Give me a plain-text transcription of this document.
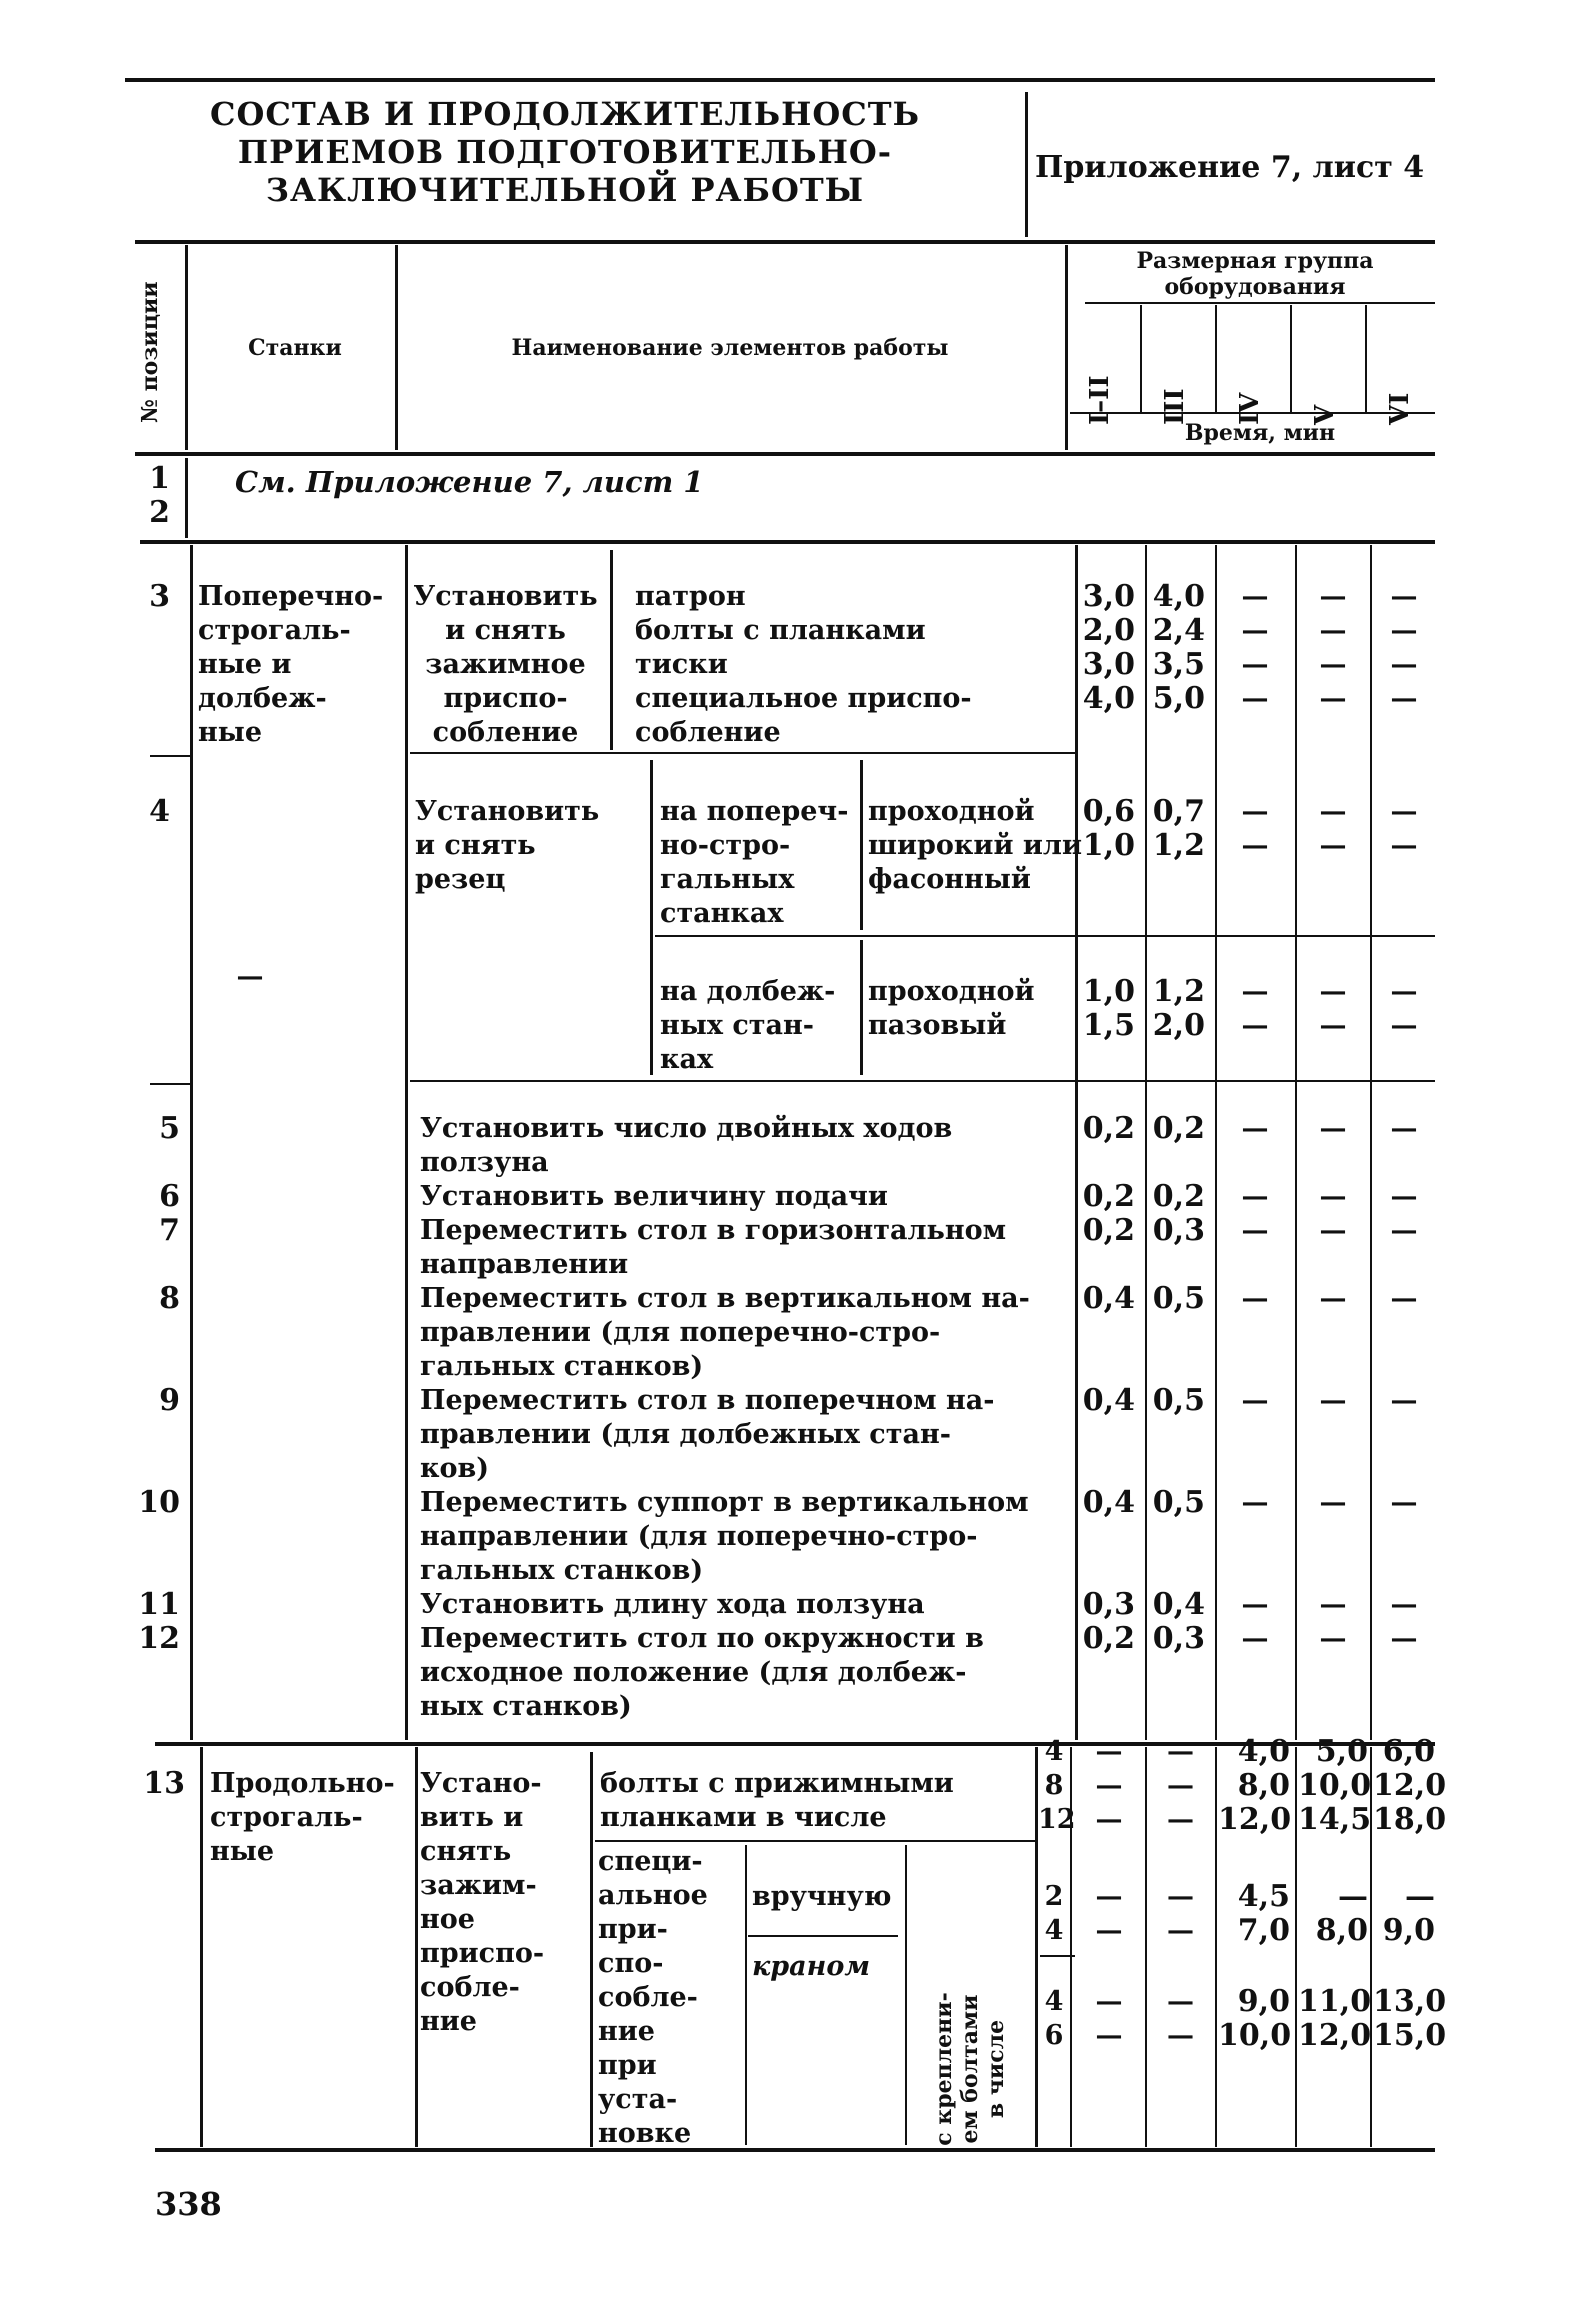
СОСТАВ И ПРОДОЛЖИТЕЛЬНОСТЬ ПРИЕМОВ ПОДГОТОВИТЕЛЬНО-ЗАКЛЮЧИТЕЛЬНОЙ РАБОТЫ
Приложение 7, лист 4
№ позиции	Станки	Наименование элементов работы
Размерная группа оборудования
I–II III IV V VI
Время, мин
1
2
См. Приложение 7, лист 1
3 Поперечно-
строгаль-
ные и
долбеж-
ные
Установить
и снять
зажимное
приспо-
собление
патрон
болты с планками
тиски
специальное приспо-
собление
3,0
2,0
3,0
4,0
4,0
2,4
3,5
5,0
—
—
—
—
—
—
—
—
—
—
—
—
4
—
Установить
и снять
резец
на попереч-
но-стро-
гальных
станках
проходной
широкий или
фасонный
0,6
1,0
0,7
1,2
—
—
—
—
—
—
на долбеж-
ных стан-
ках
проходной
пазовый
1,0
1,5
1,2
2,0
—
—
—
—
—
—
5

6
7

8

9

10

11
12
Установить число двойных ходов
ползуна
Установить величину подачи
Переместить стол в горизонтальном
направлении
Переместить стол в вертикальном на-
правлении (для поперечно-стро-
гальных станков)
Переместить стол в поперечном на-
правлении (для долбежных стан-
ков)
Переместить суппорт в вертикальном
направлении (для поперечно-стро-
гальных станков)
Установить длину хода ползуна
Переместить стол по окружности в
исходное положение (для долбеж-
ных станков)
0,2

0,2
0,2

0,4

0,4

0,4

0,3
0,2
0,2

0,2
0,3

0,5

0,5

0,5

0,4
0,3
—

—
—

—

—

—

—
—
—

—
—

—

—

—

—
—
—

—
—

—

—

—

—
—
13 Продольно-
строгаль-
ные
Устано-
вить и
снять
зажим-
ное
приспо-
собле-
ние
болты с прижимными
планками в числе
4
8
12
—
—
—
—
—
—
4,0
8,0
12,0
5,0
10,0
14,5
6,0
12,0
18,0
специ-
альное
при-
спо-
собле-
ние
при
уста-
новке
вручную
краном
с креплени-
ем болтами
в числе
2
4
—
—
—
—
4,5
7,0
—
8,0
—
9,0
4
6
—
—
—
—
9,0
10,0
11,0
12,0
13,0
15,0
338
